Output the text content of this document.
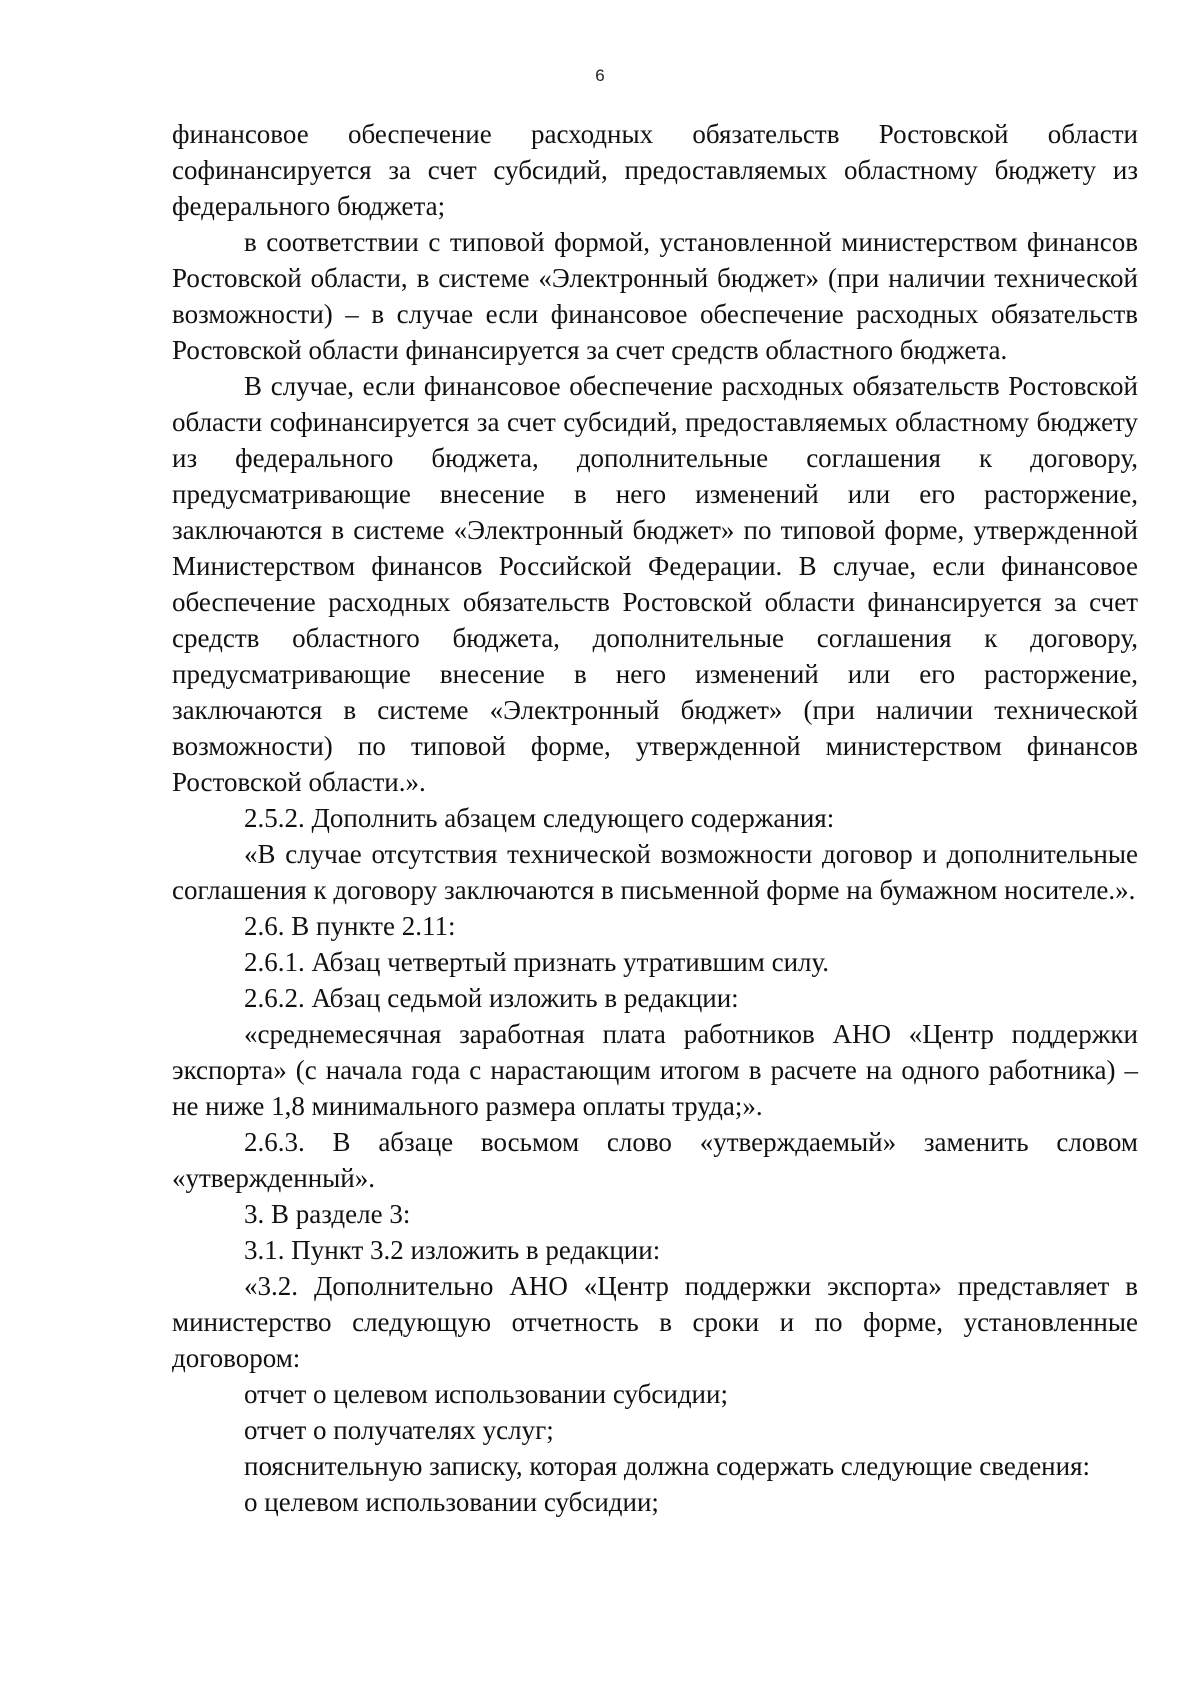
6

финансовое обеспечение расходных обязательств Ростовской области софинансируется за счет субсидий, предоставляемых областному бюджету из федерального бюджета;

в соответствии с типовой формой, установленной министерством финансов Ростовской области, в системе «Электронный бюджет» (при наличии технической возможности) – в случае если финансовое обеспечение расходных обязательств Ростовской области финансируется за счет средств областного бюджета.

В случае, если финансовое обеспечение расходных обязательств Ростовской области софинансируется за счет субсидий, предоставляемых областному бюджету из федерального бюджета, дополнительные соглашения к договору, предусматривающие внесение в него изменений или его расторжение, заключаются в системе «Электронный бюджет» по типовой форме, утвержденной Министерством финансов Российской Федерации. В случае, если финансовое обеспечение расходных обязательств Ростовской области финансируется за счет средств областного бюджета, дополнительные соглашения к договору, предусматривающие внесение в него изменений или его расторжение, заключаются в системе «Электронный бюджет» (при наличии технической возможности) по типовой форме, утвержденной министерством финансов Ростовской области.».

2.5.2. Дополнить абзацем следующего содержания:

«В случае отсутствия технической возможности договор и дополнительные соглашения к договору заключаются в письменной форме на бумажном носителе.».

2.6. В пункте 2.11:

2.6.1. Абзац четвертый признать утратившим силу.

2.6.2. Абзац седьмой изложить в редакции:

«среднемесячная заработная плата работников АНО «Центр поддержки экспорта» (с начала года с нарастающим итогом в расчете на одного работника) – не ниже 1,8 минимального размера оплаты труда;».

2.6.3. В абзаце восьмом слово «утверждаемый» заменить словом «утвержденный».

3. В разделе 3:

3.1. Пункт 3.2 изложить в редакции:

«3.2. Дополнительно АНО «Центр поддержки экспорта» представляет в министерство следующую отчетность в сроки и по форме, установленные договором:

отчет о целевом использовании субсидии;

отчет о получателях услуг;

пояснительную записку, которая должна содержать следующие сведения:

о целевом использовании субсидии;
